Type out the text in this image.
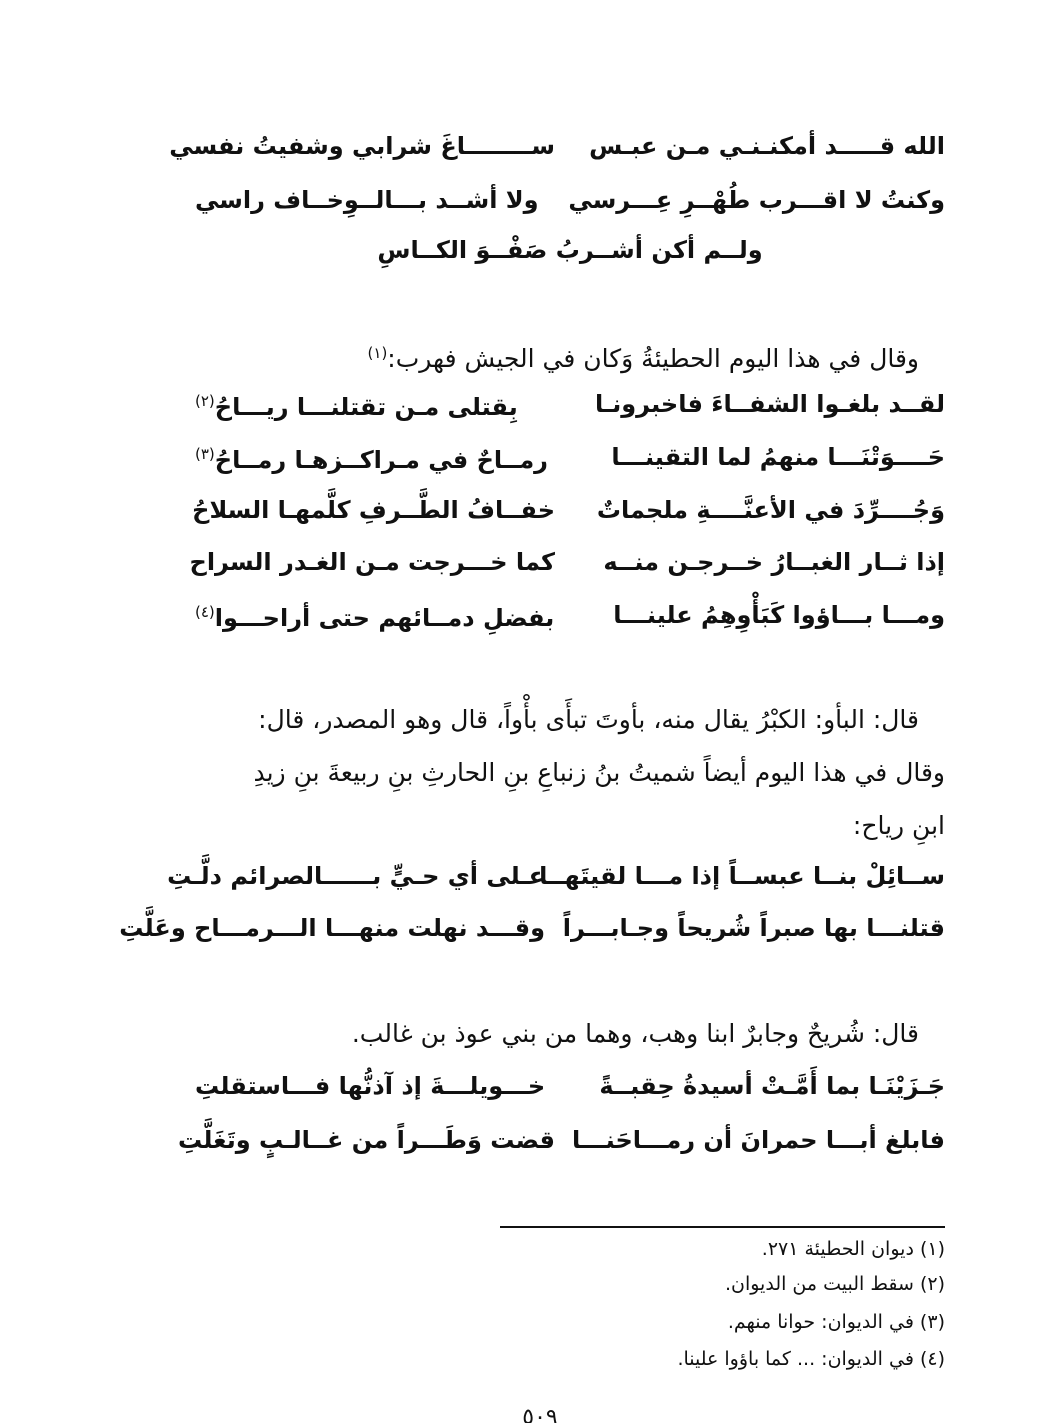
الله قـــــد أمكنـنـي مـن عبـس
ســــــــاغَ شرابي وشفيتُ نفسي
وكنتُ لا اقـــرب طُهْــرِ عِـــرسي
ولا أشــد بـــالــوِخــاف راسي
ولــم أكن أشــربُ صَفْــوَ الكــاسِ
وقال في هذا اليوم الحطيئةُ وَكان في الجيش فهرب:$^{(١)}$
لقــد بلغـوا الشفــاءَ فاخبرونـا
بِقتلى مـن تقتلنـــا ريـــاحُ$^{(٢)}$
حَــــوَتْنَـــا منهمُ لما التقينـــا
رمــاحٌ في مـراكــزهـا رمــاحُ$^{(٣)}$
وَجُــــرِّدَ في الأعنَّــــةِ ملجماتٌ
خفــافُ الطَّــرفِ كلَّمهـا السلاحُ
إذا ثــار الغبــارُ خــرجـن منــه
كما خـــرجت مـن الغـدر السراح
ومـــا بـــاؤوا كَبَأْوِهِمُ علينـــا
بفضلِ دمــائهم حتى أراحـــوا$^{(٤)}$
قال: البأو: الكبْرُ يقال منه، بأوتَ تبأَى بأْواً، قال وهو المصدر، قال:
وقال في هذا اليوم أيضاً شميتُ بنُ زنباعِ بنِ الحارثِ بنِ ربيعةَ بنِ زيدِ
ابنِ رياح:
ســائِلْ بنــا عبســاً إذا مـــا لقيتَهــا
عـلى أي حـيٍّ بــــــالصرائم دلَّـتِ
قتلنـــا بها صبراً شُريحاً وجـابـــراً
وقـــد نهلت منهـــا الـــرمـــاح وعَلَّتِ
قال: شُريحٌ وجابرٌ ابنا وهب، وهما من بني عوذ بن غالب.
جَـزَيْنَـا بما أَمَّـتْ أسيدةُ حِقبــةً
خـــويلـــةَ إذ آذنُّها فـــاستقلتِ
فابلغ أبـــا حمرانَ أن رمـــاحَنـــا
قضت وَطَـــراً من غــالـبٍ وتَغَلَّتِ
(١) ديوان الحطيئة ٢٧١.
(٢) سقط البيت من الديوان.
(٣) في الديوان: حوانا منهم.
(٤) في الديوان: ... كما باؤوا علينا.
٥٠٩
